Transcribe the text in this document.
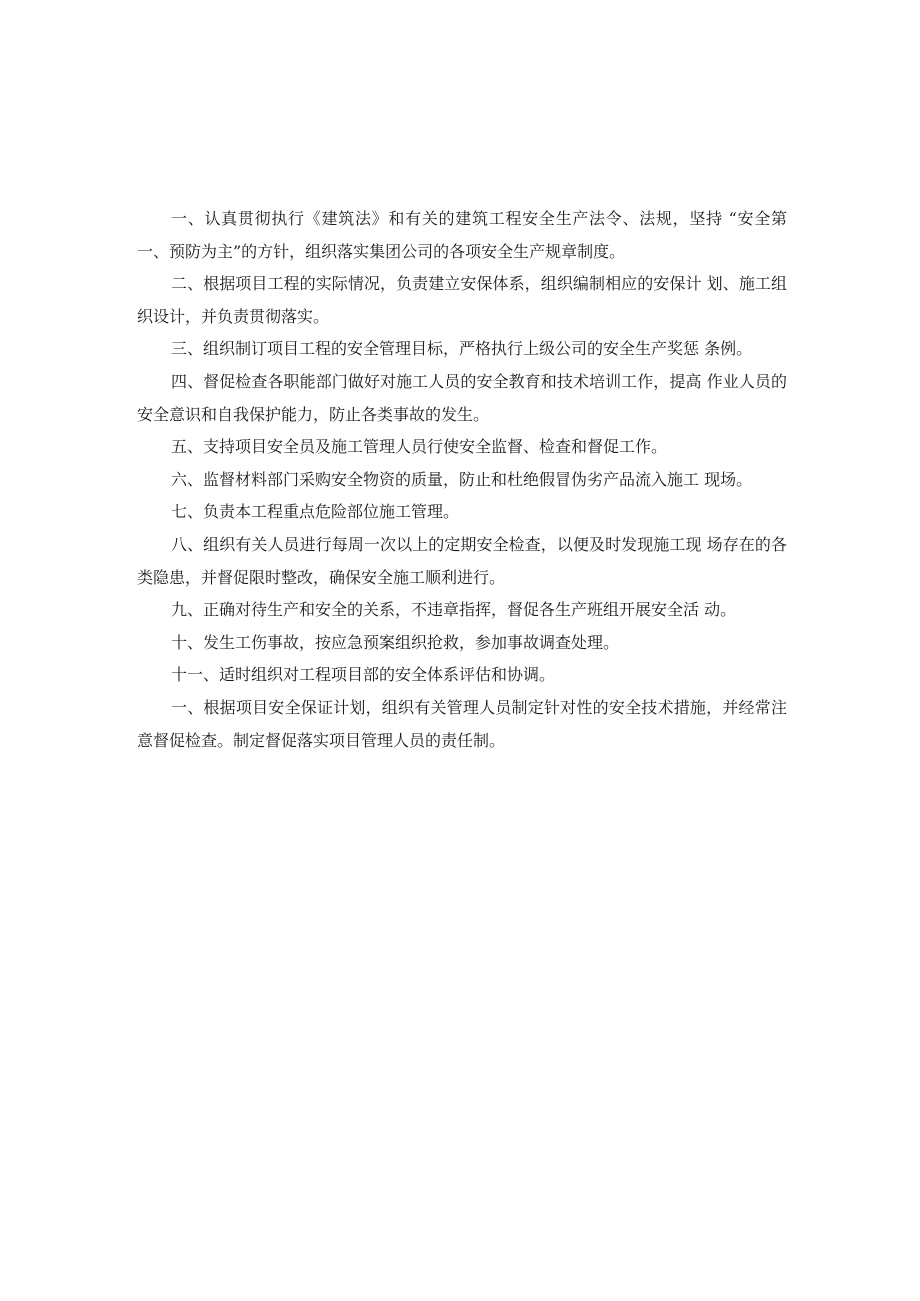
一、认真贯彻执行《建筑法》和有关的建筑工程安全生产法令、法规，坚持 “安全第一、预防为主”的方针，组织落实集团公司的各项安全生产规章制度。

二、根据项目工程的实际情况，负责建立安保体系，组织编制相应的安保计 划、施工组织设计，并负责贯彻落实。

三、组织制订项目工程的安全管理目标，严格执行上级公司的安全生产奖惩 条例。

四、督促检查各职能部门做好对施工人员的安全教育和技术培训工作，提高 作业人员的安全意识和自我保护能力，防止各类事故的发生。

五、支持项目安全员及施工管理人员行使安全监督、检查和督促工作。

六、监督材料部门采购安全物资的质量，防止和杜绝假冒伪劣产品流入施工 现场。

七、负责本工程重点危险部位施工管理。

八、组织有关人员进行每周一次以上的定期安全检查，以便及时发现施工现 场存在的各类隐患，并督促限时整改，确保安全施工顺利进行。

九、正确对待生产和安全的关系，不违章指挥，督促各生产班组开展安全活 动。

十、发生工伤事故，按应急预案组织抢救，参加事故调查处理。

十一、适时组织对工程项目部的安全体系评估和协调。

一、根据项目安全保证计划，组织有关管理人员制定针对性的安全技术措施，并经常注意督促检查。制定督促落实项目管理人员的责任制。
